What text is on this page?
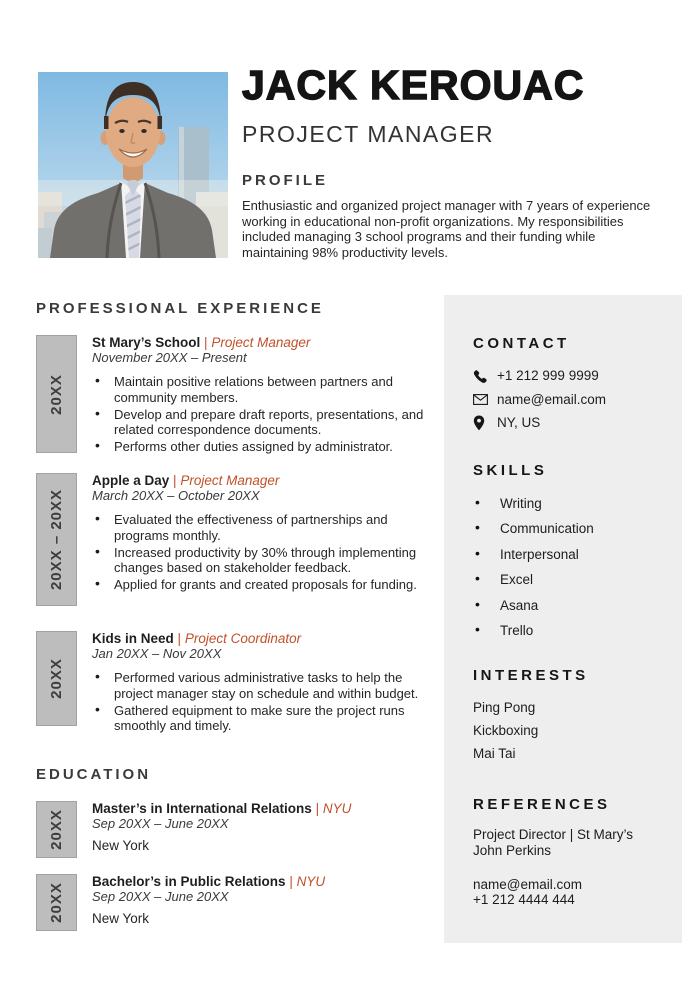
JACK KEROUAC
PROJECT MANAGER
PROFILE
Enthusiastic and organized project manager with 7 years of experience
working in educational non-profit organizations. My responsibilities
included managing 3 school programs and their funding while
maintaining 98% productivity levels.
PROFESSIONAL EXPERIENCE
20XX
St Mary’s School | Project Manager
November 20XX – Present
• Maintain positive relations between partners and community members.
• Develop and prepare draft reports, presentations, and related correspondence documents.
• Performs other duties assigned by administrator.
20XX – 20XX
Apple a Day | Project Manager
March 20XX – October 20XX
• Evaluated the effectiveness of partnerships and programs monthly.
• Increased productivity by 30% through implementing changes based on stakeholder feedback.
• Applied for grants and created proposals for funding.
20XX
Kids in Need | Project Coordinator
Jan 20XX – Nov 20XX
• Performed various administrative tasks to help the project manager stay on schedule and within budget.
• Gathered equipment to make sure the project runs smoothly and timely.
EDUCATION
20XX
Master’s in International Relations | NYU
Sep 20XX – June 20XX
New York
20XX
Bachelor’s in Public Relations | NYU
Sep 20XX – June 20XX
New York
CONTACT
+1 212 999 9999
name@email.com
NY, US
SKILLS
• Writing
• Communication
• Interpersonal
• Excel
• Asana
• Trello
INTERESTS
Ping Pong
Kickboxing
Mai Tai
REFERENCES
Project Director | St Mary’s
John Perkins
name@email.com
+1 212 4444 444
